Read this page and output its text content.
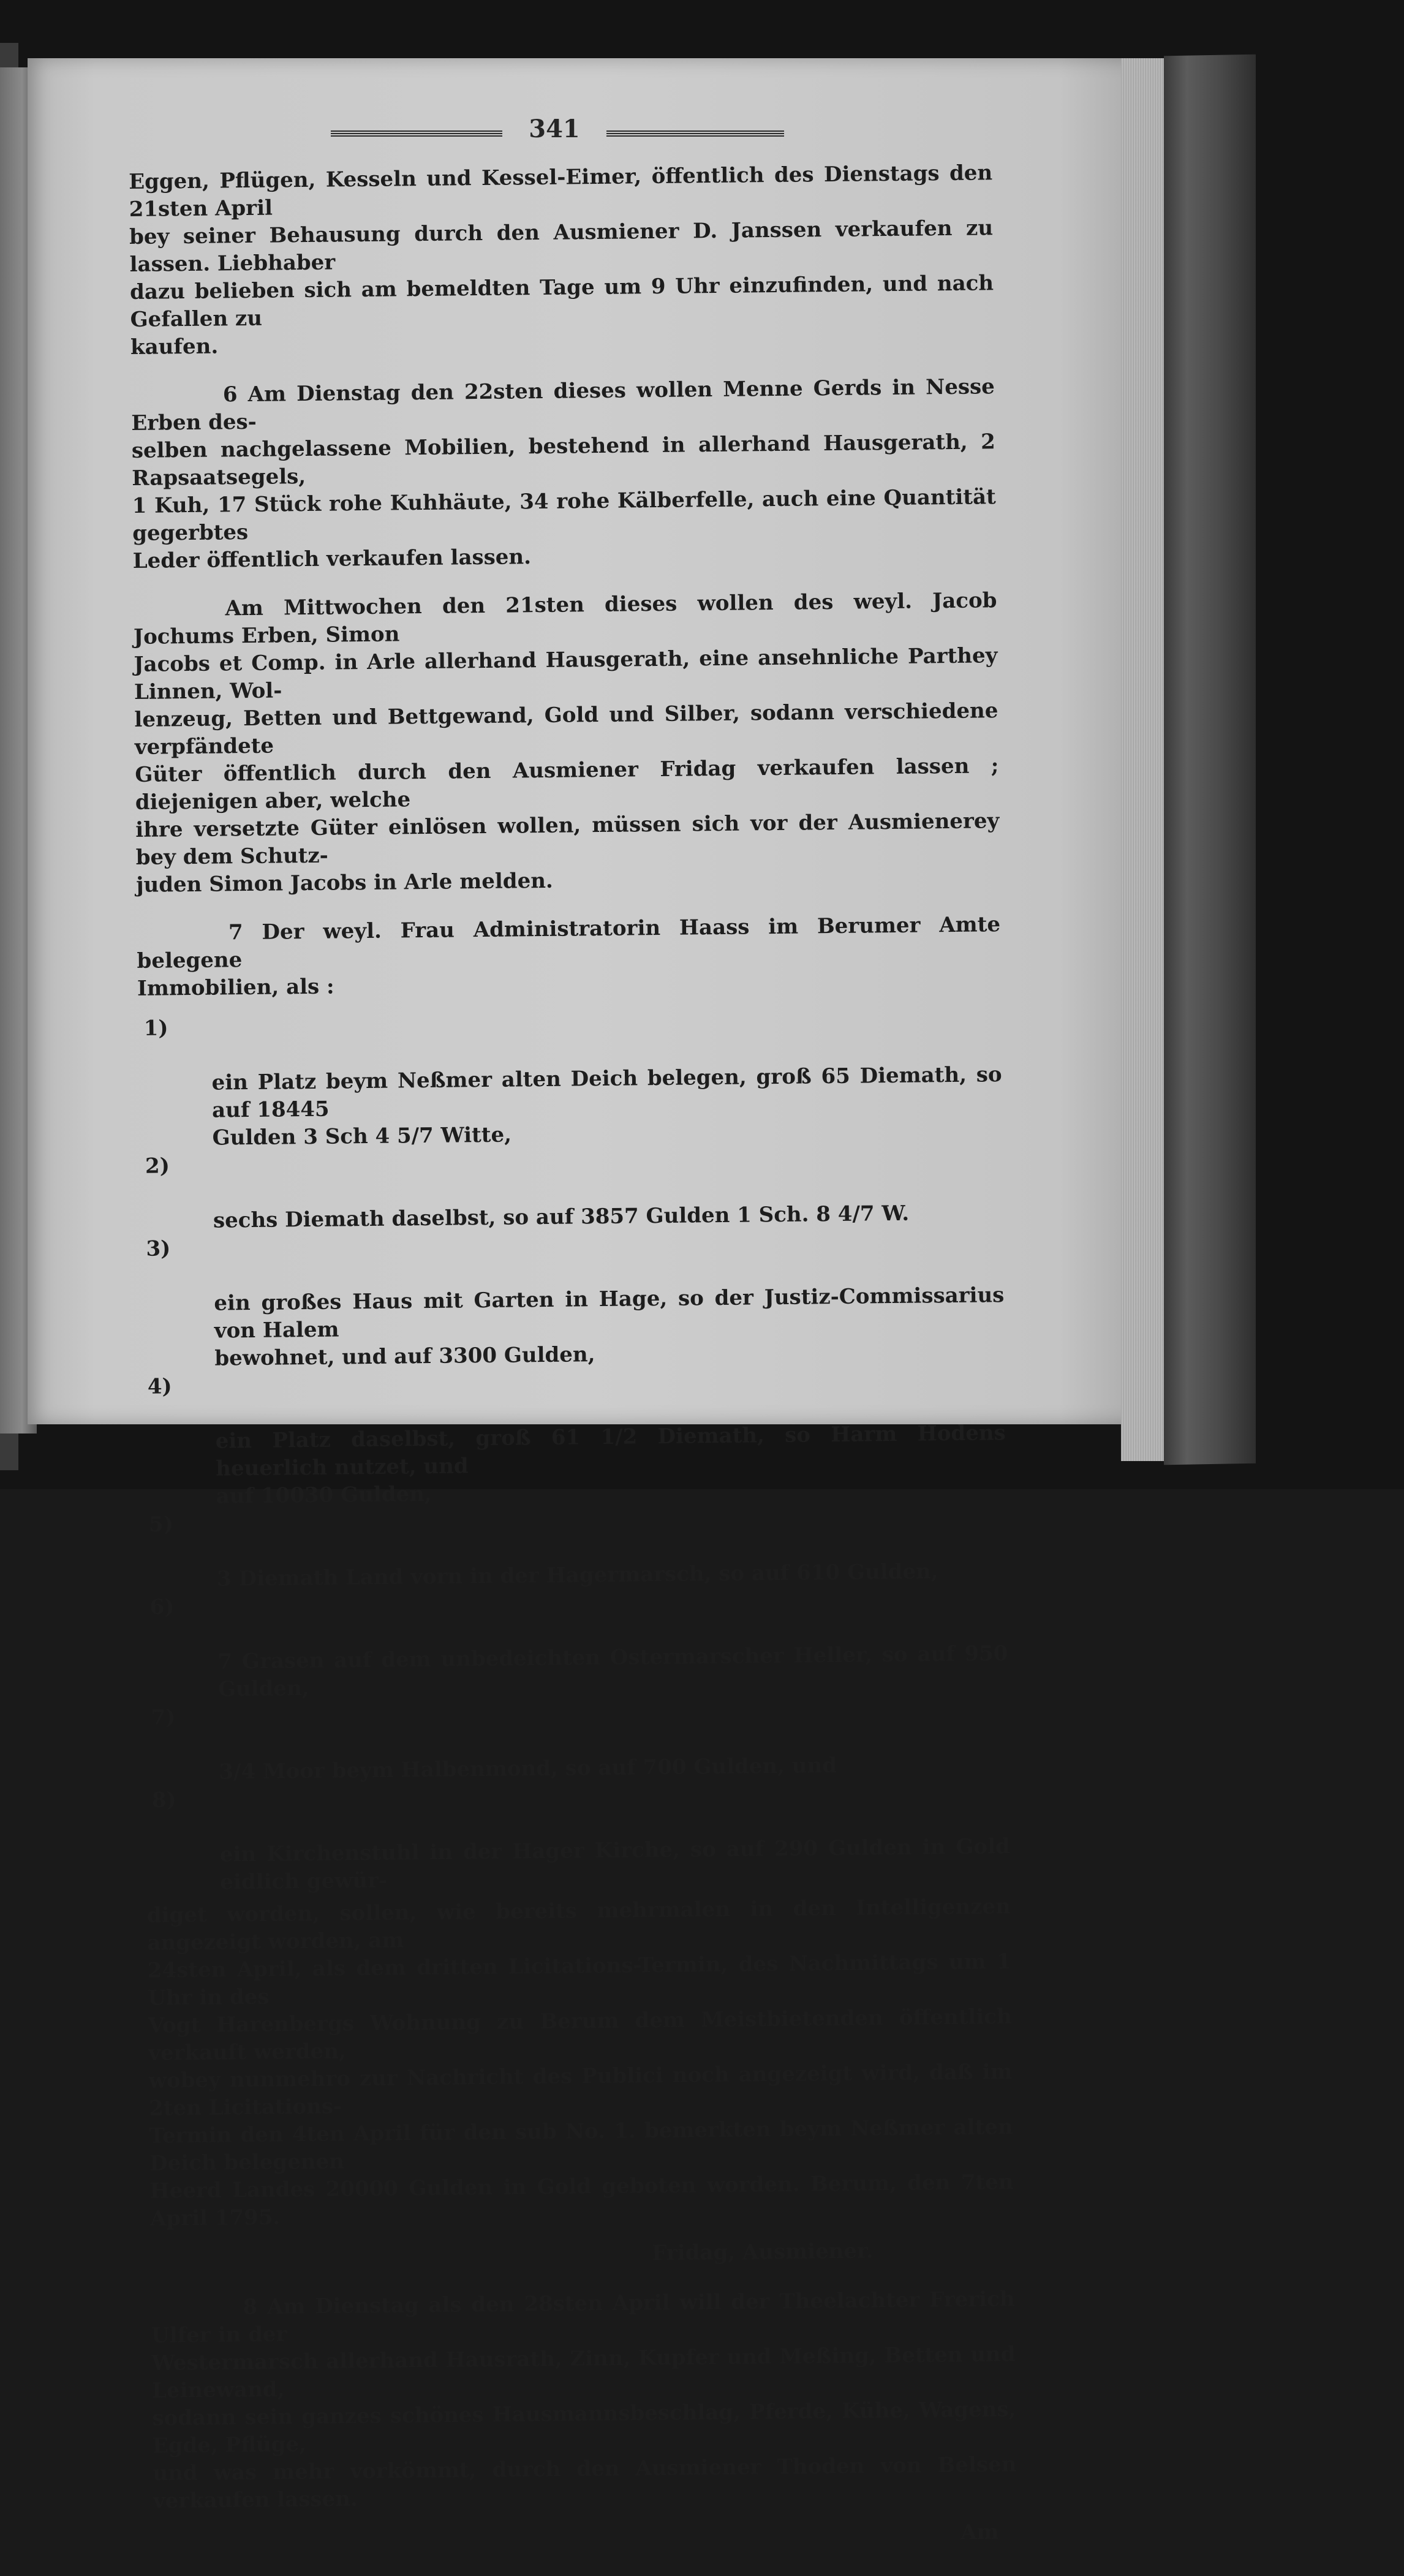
341

Eggen, Pflügen, Kesseln und Kessel-Eimer, öffentlich des Dienstags den 21sten April
bey seiner Behausung durch den Ausmiener D. Janssen verkaufen zu lassen. Liebhaber
dazu belieben sich am bemeldten Tage um 9 Uhr einzufinden, und nach Gefallen zu
kaufen.

6 Am Dienstag den 22sten dieses wollen Menne Gerds in Nesse Erben des-
selben nachgelassene Mobilien, bestehend in allerhand Hausgerath, 2 Rapsaatsegels,
1 Kuh, 17 Stück rohe Kuhhäute, 34 rohe Kälberfelle, auch eine Quantität gegerbtes
Leder öffentlich verkaufen lassen.

Am Mittwochen den 21sten dieses wollen des weyl. Jacob Jochums Erben, Simon
Jacobs et Comp. in Arle allerhand Hausgerath, eine ansehnliche Parthey Linnen, Wol-
lenzeug, Betten und Bettgewand, Gold und Silber, sodann verschiedene verpfändete
Güter öffentlich durch den Ausmiener Fridag verkaufen lassen ; diejenigen aber, welche
ihre versetzte Güter einlösen wollen, müssen sich vor der Ausmienerey bey dem Schutz-
juden Simon Jacobs in Arle melden.

7 Der weyl. Frau Administratorin Haass im Berumer Amte belegene
Immobilien, als :

1)

ein Platz beym Neßmer alten Deich belegen, groß 65 Diemath, so auf 18445
Gulden 3 Sch 4 5/7 Witte,

2)

sechs Diemath daselbst, so auf 3857 Gulden 1 Sch. 8 4/7 W.

3)

ein großes Haus mit Garten in Hage, so der Justiz-Commissarius von Halem
bewohnet, und auf 3300 Gulden,

4)

ein Platz daselbst, groß 61 1/2 Diemath, so Harm Hodens heuerlich nutzet, und
auf 10030 Gulden,

5)

3 Diemath Land vorn in der Hagermarsch, so auf 610 Gulden,

6)

7 Grasen auf dem unbedeichten Ostermarscher Heller, so auf 950 Gulden,

7)

3/4 Moor beym Halbenmond, so auf 700 Gulden, und

8)

ein Kirchenstuhl in der Hager Kirche, so auf 290 Gulden in Gold eidlich gewür-

diget worden, sollen, wie bereits mehrmalen in den Intelligenzen angezeigt worden, am
24sten April, als dem dritten Licitations-Termin, des Nachmittags um 1 Uhr in des
Vogt Harenbergs Wohnung zu Berum dem Meistbietenden öffentlich verkauft werden,
wobey nunmehro zur Nachricht des Publici noch angezeigt wird, daß im 2ten Licitations-
Termin den 4ten April für den sub No. 1. bemerkten beym Neßmer alten Deich belegenen
Heerd Landes 20000 Gulden in Gold geboten worden. Berum, den 7ten April 1795.

Fridag, Ausmiener.

8 Am Dienstag als den 28sten April will der Theelachter Frerich Ulfer in der
Westermarsch allerhand Hausrath, Zinn, Kupfer und Meßing, Betten und Leinewand,
sodann sein ganzes schönes Hausmannsbeschlag, Pferde, Kühe, Wagens, Egde, Pflüge,
und was mehr vorkömmt, durch den Ausmiener Thoden von Belsen verkaufen lassen.

Am
